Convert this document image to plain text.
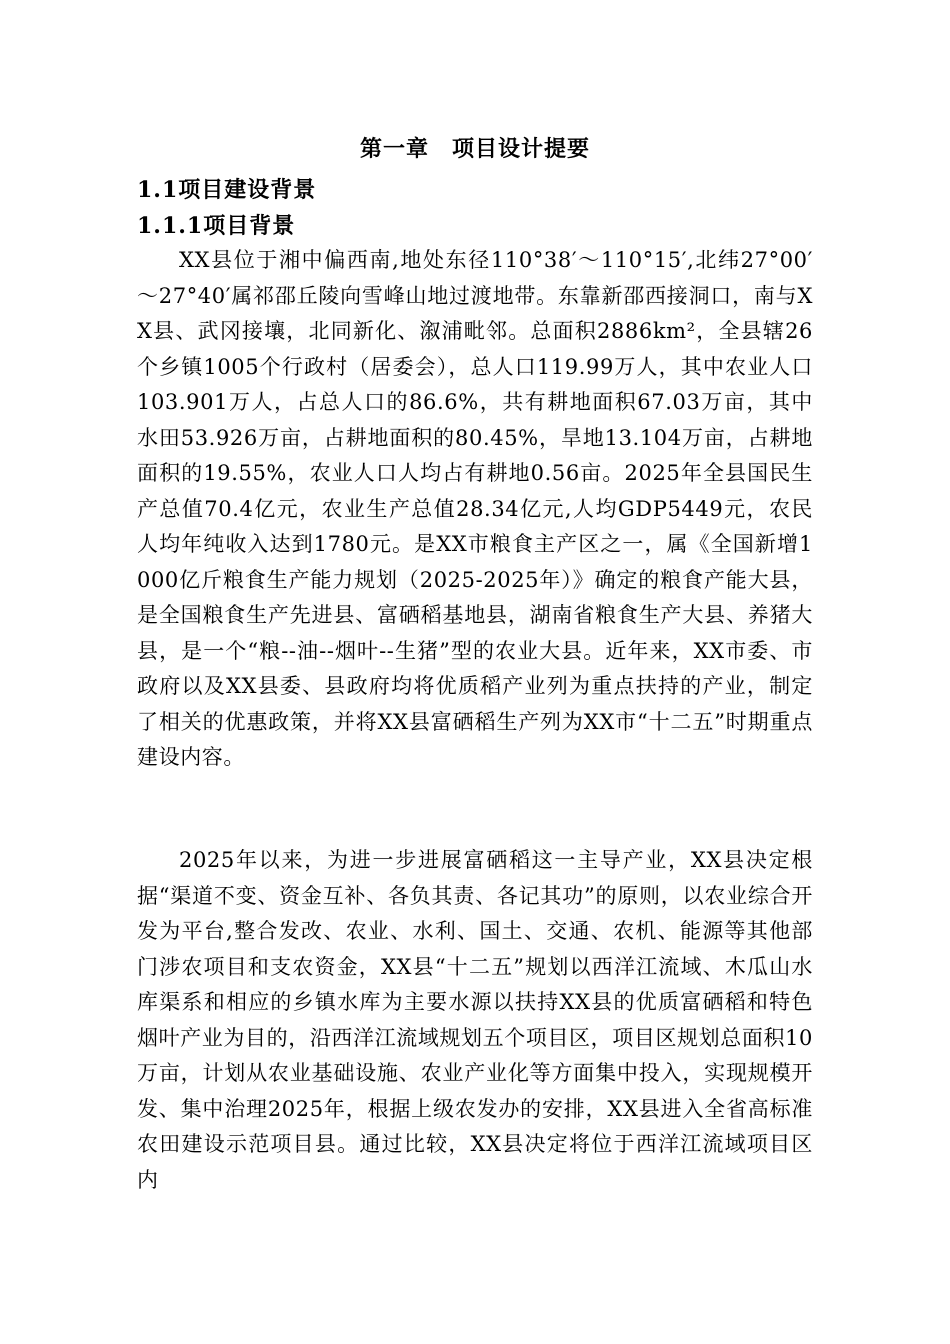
第一章　项目设计提要
1.1项目建设背景
1.1.1项目背景

XX县位于湘中偏西南,地处东径110°38′～110°15′,北纬27°00′～27°40′属祁邵丘陵向雪峰山地过渡地带。东靠新邵西接洞口，南与XX县、武冈接壤，北同新化、溆浦毗邻。总面积2886km²，全县辖26个乡镇1005个行政村（居委会），总人口119.99万人，其中农业人口103.901万人，占总人口的86.6%，共有耕地面积67.03万亩，其中水田53.926万亩，占耕地面积的80.45%，旱地13.104万亩，占耕地面积的19.55%，农业人口人均占有耕地0.56亩。2025年全县国民生产总值70.4亿元，农业生产总值28.34亿元,人均GDP5449元，农民人均年纯收入达到1780元。是XX市粮食主产区之一，属《全国新增1000亿斤粮食生产能力规划（2025-2025年）》确定的粮食产能大县，是全国粮食生产先进县、富硒稻基地县，湖南省粮食生产大县、养猪大县，是一个“粮--油--烟叶--生猪”型的农业大县。近年来，XX市委、市政府以及XX县委、县政府均将优质稻产业列为重点扶持的产业，制定了相关的优惠政策，并将XX县富硒稻生产列为XX市“十二五”时期重点建设内容。

2025年以来，为进一步进展富硒稻这一主导产业，XX县决定根据“渠道不变、资金互补、各负其责、各记其功”的原则，以农业综合开发为平台,整合发改、农业、水利、国土、交通、农机、能源等其他部门涉农项目和支农资金，XX县“十二五”规划以西洋江流域、木瓜山水库渠系和相应的乡镇水库为主要水源以扶持XX县的优质富硒稻和特色烟叶产业为目的，沿西洋江流域规划五个项目区，项目区规划总面积10万亩，计划从农业基础设施、农业产业化等方面集中投入，实现规模开发、集中治理2025年，根据上级农发办的安排，XX县进入全省高标准农田建设示范项目县。通过比较，XX县决定将位于西洋江流域项目区内
